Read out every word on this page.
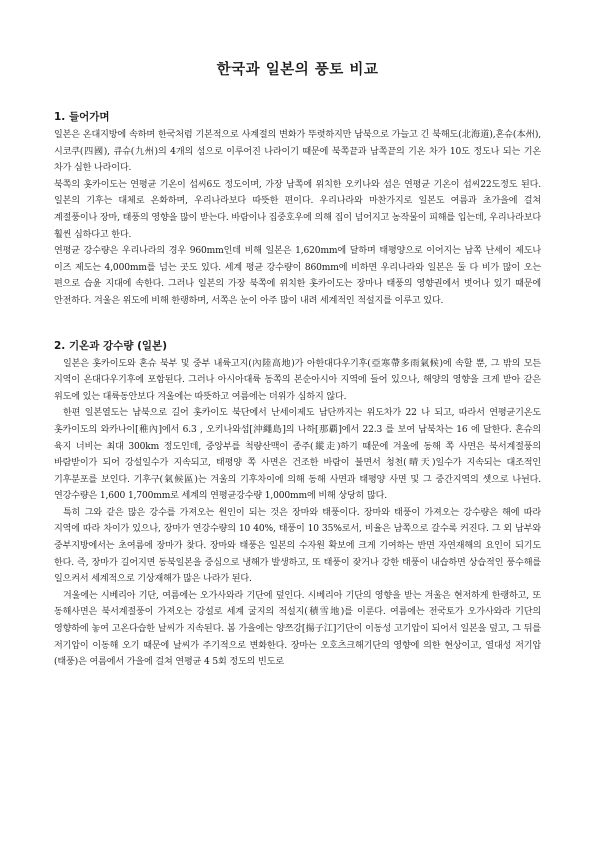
한국과 일본의 풍토 비교
1. 들어가며

일본은 온대지방에 속하며 한국처럼 기본적으로 사계절의 변화가 뚜렷하지만 남북으로 가늘고 긴 북해도(北海道),혼슈(本州), 시코쿠(四國), 큐슈(九州)의 4개의 섬으로 이루어진 나라이기 때문에 북쪽끝과 남쪽끝의 기온 차가 10도 정도나 되는 기온 차가 심한 나라이다.

북쪽의 홋카이도는 연평균 기온이 섭씨6도 정도이며, 가장 남쪽에 위치한 오키나와 섬은 연평균 기온이 섭씨22도정도 된다. 일본의 기후는 대체로 온화하며, 우리나라보다 따뜻한 편이다. 우리나라와 마찬가지로 일본도 여름과 초가을에 걸쳐 계절풍이나 장마, 태풍의 영향을 많이 받는다. 바람이나 집중호우에 의해 집이 넘어지고 농작물이 피해를 입는데, 우리나라보다 훨씬 심하다고 한다.

연평균 강수량은 우리나라의 경우 960mm인데 비해 일본은 1,620mm에 달하며 태평양으로 이어지는 남쪽 난세이 제도나 이즈 제도는 4,000mm를 넘는 곳도 있다. 세계 평균 강수량이 860mm에 비하면 우리나라와 일본은 둘 다 비가 많이 오는 편으로 습윤 지대에 속한다. 그러나 일본의 가장 북쪽에 위치한 홋카이도는 장마나 태풍의 영향권에서 벗어나 있기 때문에 안전하다. 겨울은 위도에 비해 한랭하며, 서쪽은 눈이 아주 많이 내려 세계적인 적설지를 이루고 있다.

2. 기온과 강수량 (일본)

일본은 홋카이도와 혼슈 북부 및 중부 내륙고지(內陸高地)가 아한대다우기후(亞寒帶多雨氣候)에 속할 뿐, 그 밖의 모든 지역이 온대다우기후에 포함된다. 그러나 아시아대륙 동쪽의 본순아시아 지역에 들어 있으나, 해양의 영향을 크게 받아 같은 위도에 있는 대륙동안보다 겨울에는 따뜻하고 여름에는 더위가 심하지 않다.

한편 일본열도는 남북으로 길어 홋카이도 북단에서 난세이제도 남단까지는 위도차가 22 나 되고, 따라서 연평균기온도 홋카이도의 와카나이[稚內]에서 6.3 , 오키나와섬[沖繩島]의 나하[那覇]에서 22.3 를 보여 남북차는 16 에 달한다. 혼슈의 육지 너비는 최대 300km 정도인데, 중앙부를 척량산맥이 종주(縱走)하기 때문에 겨울에 동해 쪽 사면은 북서계절풍의 바람받이가 되어 강설일수가 지속되고, 태평양 쪽 사면은 건조한 바람이 불면서 청천(晴天)일수가 지속되는 대조적인 기후분포를 보인다. 기후구(氣候區)는 겨울의 기후차이에 의해 동해 사면과 태평양 사면 및 그 중간지역의 셋으로 나뉜다. 연강수량은 1,600 1,700mm로 세계의 연평균강수량 1,000mm에 비해 상당히 많다.

특히 그와 같은 많은 강수를 가져오는 원인이 되는 것은 장마와 태풍이다. 장마와 태풍이 가져오는 강수량은 해에 따라 지역에 따라 차이가 있으나, 장마가 연강수량의 10 40%, 태풍이 10 35%로서, 비율은 남쪽으로 갈수록 커진다. 그 외 남부와 중부지방에서는 초여름에 장마가 찾다. 장마와 태풍은 일본의 수자원 확보에 크게 기여하는 반면 자연재해의 요인이 되기도 한다. 즉, 장마가 길어지면 동북일본을 중심으로 냉해가 발생하고, 또 태풍이 잦거나 강한 태풍이 내습하면 상습적인 풍수해를 일으켜서 세계적으로 기상재해가 많은 나라가 된다.

겨울에는 시베리아 기단, 여름에는 오가사와라 기단에 덮인다. 시베리아 기단의 영향을 받는 겨울은 현저하게 한랭하고, 또 동해사면은 북서계절풍이 가져오는 강설로 세계 굴지의 적설지(積雪地)를 이룬다. 여름에는 전국토가 오가사와라 기단의 영향하에 놓여 고온다습한 날씨가 지속된다. 봄 가을에는 양쯔강[揚子江]기단이 이동성 고기압이 되어서 일본을 덮고, 그 뒤를 저기압이 이동해 오기 때문에 날씨가 주기적으로 변화한다. 장마는 오호츠크해기단의 영향에 의한 현상이고, 열대성 저기압(태풍)은 여름에서 가을에 걸쳐 연평균 4 5회 정도의 빈도로
